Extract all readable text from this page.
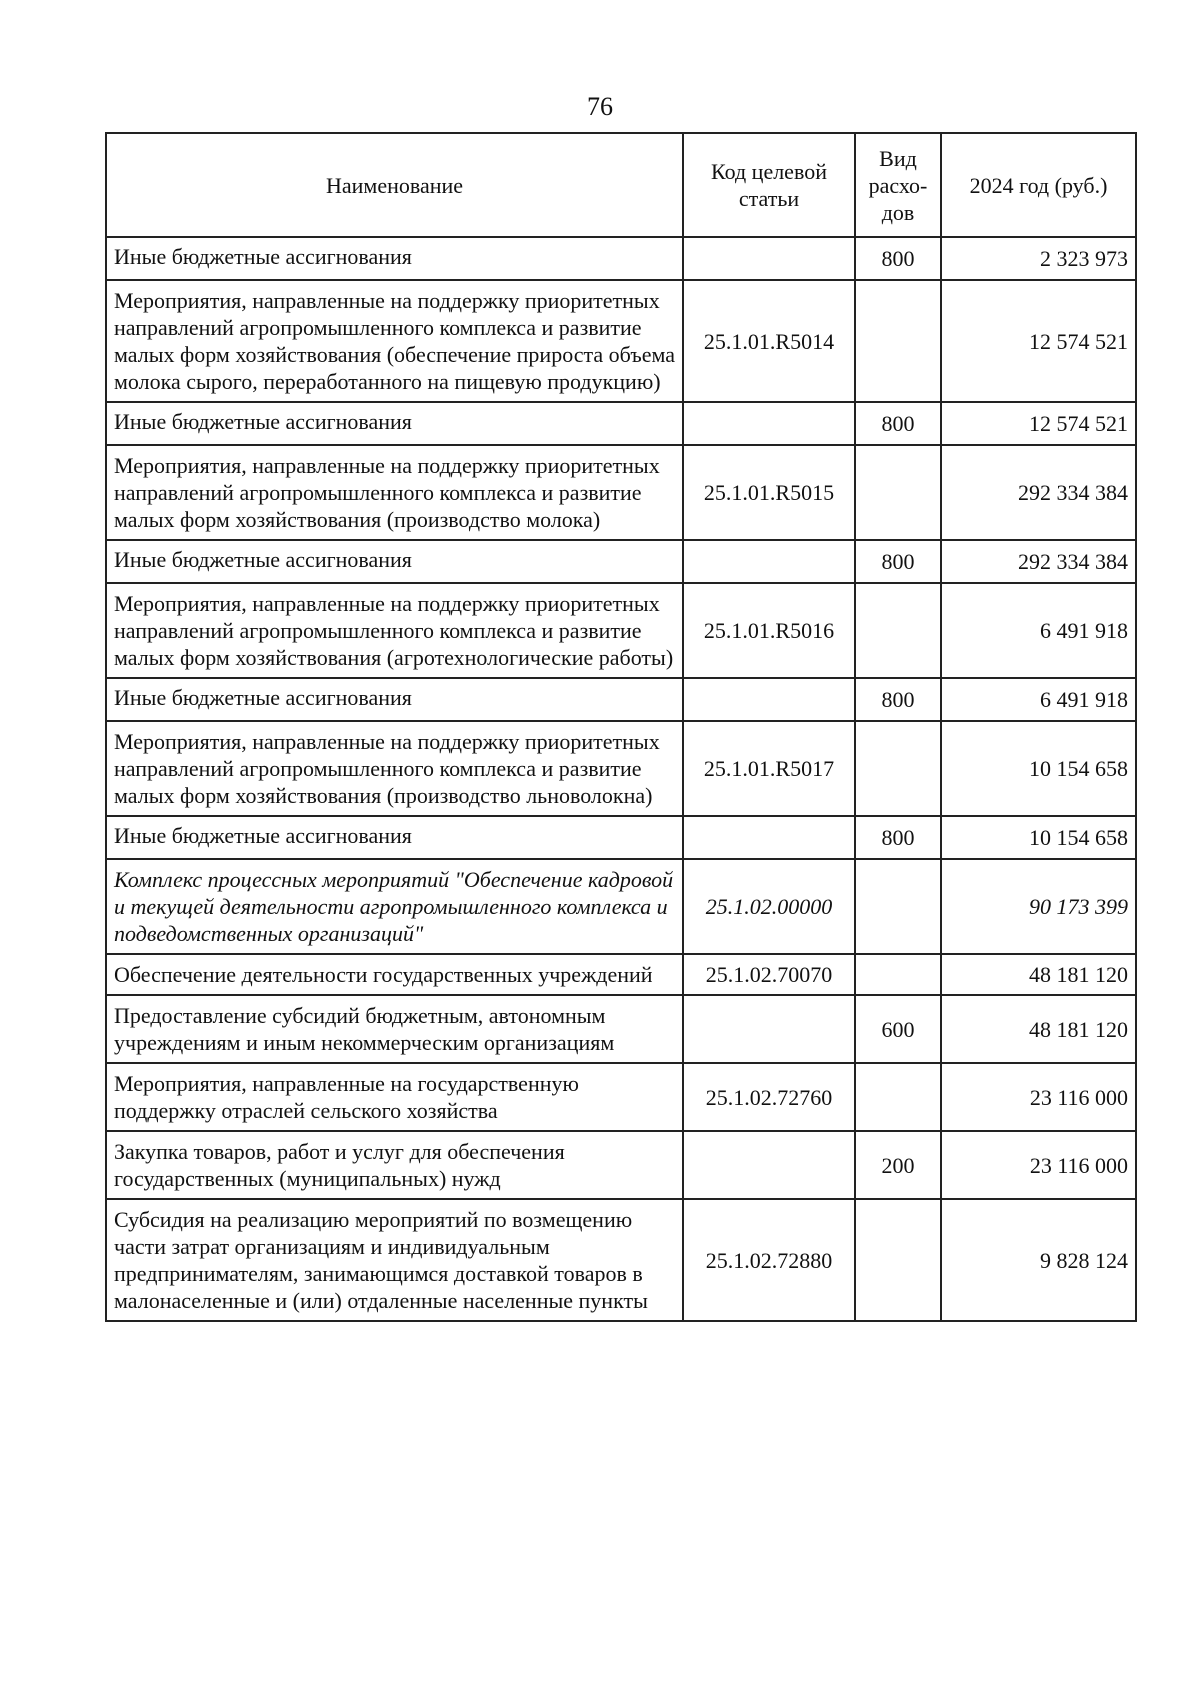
76
Наименование	Код целевой статьи	Вид расхо-дов	2024 год (руб.)
Иные бюджетные ассигнования		800	2 323 973
Мероприятия, направленные на поддержку приоритетных направлений агропромышленного комплекса и развитие малых форм хозяйствования (обеспечение прироста объема молока сырого, переработанного на пищевую продукцию)	25.1.01.R5014		12 574 521
Иные бюджетные ассигнования		800	12 574 521
Мероприятия, направленные на поддержку приоритетных направлений агропромышленного комплекса и развитие малых форм хозяйствования (производство молока)	25.1.01.R5015		292 334 384
Иные бюджетные ассигнования		800	292 334 384
Мероприятия, направленные на поддержку приоритетных направлений агропромышленного комплекса и развитие малых форм хозяйствования (агротехнологические работы)	25.1.01.R5016		6 491 918
Иные бюджетные ассигнования		800	6 491 918
Мероприятия, направленные на поддержку приоритетных направлений агропромышленного комплекса и развитие малых форм хозяйствования (производство льноволокна)	25.1.01.R5017		10 154 658
Иные бюджетные ассигнования		800	10 154 658
Комплекс процессных мероприятий "Обеспечение кадровой и текущей деятельности агропромышленного комплекса и подведомственных организаций"	25.1.02.00000		90 173 399
Обеспечение деятельности государственных учреждений	25.1.02.70070		48 181 120
Предоставление субсидий бюджетным, автономным учреждениям и иным некоммерческим организациям		600	48 181 120
Мероприятия, направленные на государственную поддержку отраслей сельского хозяйства	25.1.02.72760		23 116 000
Закупка товаров, работ и услуг для обеспечения государственных (муниципальных) нужд		200	23 116 000
Субсидия на реализацию мероприятий по возмещению части затрат организациям и индивидуальным предпринимателям, занимающимся доставкой товаров в малонаселенные и (или) отдаленные населенные пункты	25.1.02.72880		9 828 124
